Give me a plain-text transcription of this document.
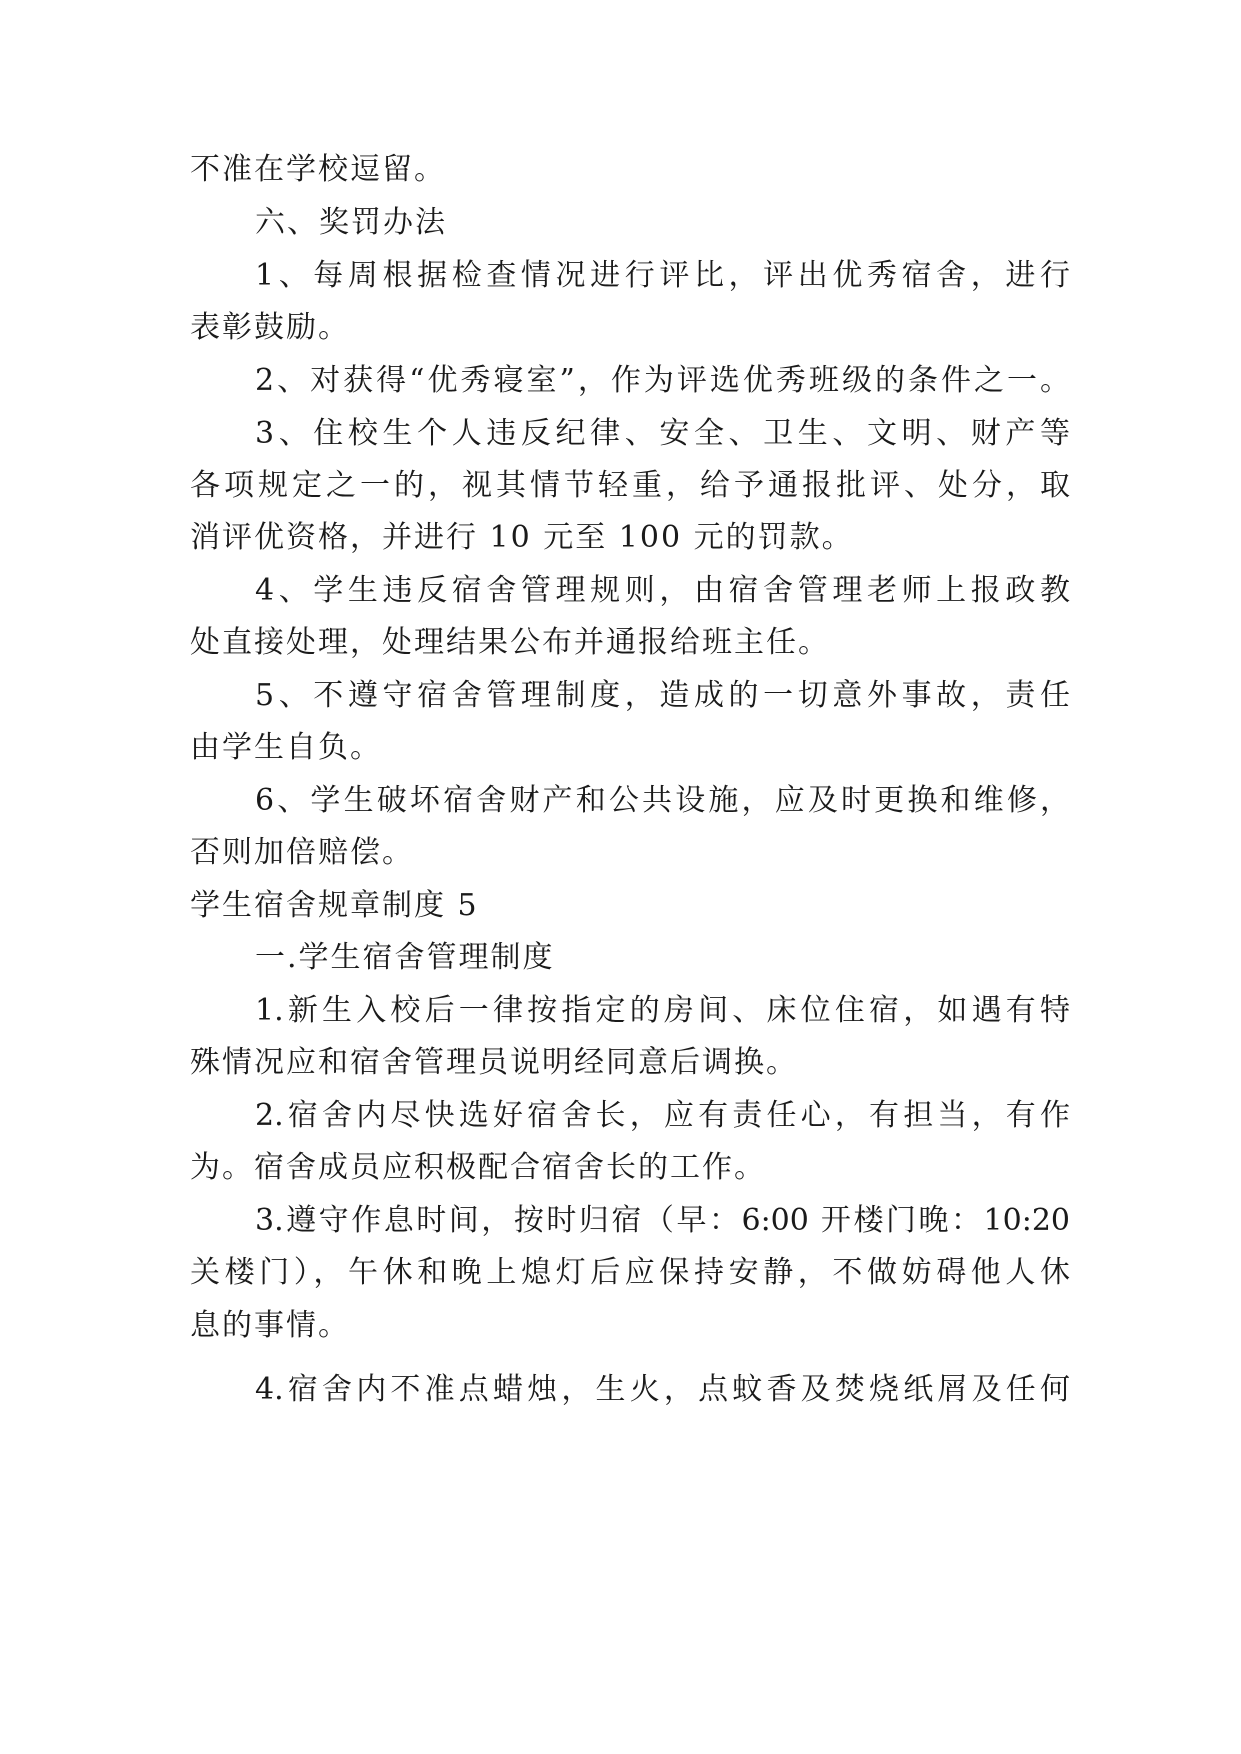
不准在学校逗留。
六、奖罚办法
1、每周根据检查情况进行评比，评出优秀宿舍，进行
表彰鼓励。
2、对获得“优秀寝室”，作为评选优秀班级的条件之一。
3、住校生个人违反纪律、安全、卫生、文明、财产等
各项规定之一的，视其情节轻重，给予通报批评、处分，取
消评优资格，并进行 10 元至 100 元的罚款。
4、学生违反宿舍管理规则，由宿舍管理老师上报政教
处直接处理，处理结果公布并通报给班主任。
5、不遵守宿舍管理制度，造成的一切意外事故，责任
由学生自负。
6、学生破坏宿舍财产和公共设施，应及时更换和维修，
否则加倍赔偿。
学生宿舍规章制度 5
一.学生宿舍管理制度
1.新生入校后一律按指定的房间、床位住宿，如遇有特
殊情况应和宿舍管理员说明经同意后调换。
2.宿舍内尽快选好宿舍长，应有责任心，有担当，有作
为。宿舍成员应积极配合宿舍长的工作。
3.遵守作息时间，按时归宿（早：6:00 开楼门晚：10:20
关楼门），午休和晚上熄灯后应保持安静，不做妨碍他人休
息的事情。
4.宿舍内不准点蜡烛，生火，点蚊香及焚烧纸屑及任何
